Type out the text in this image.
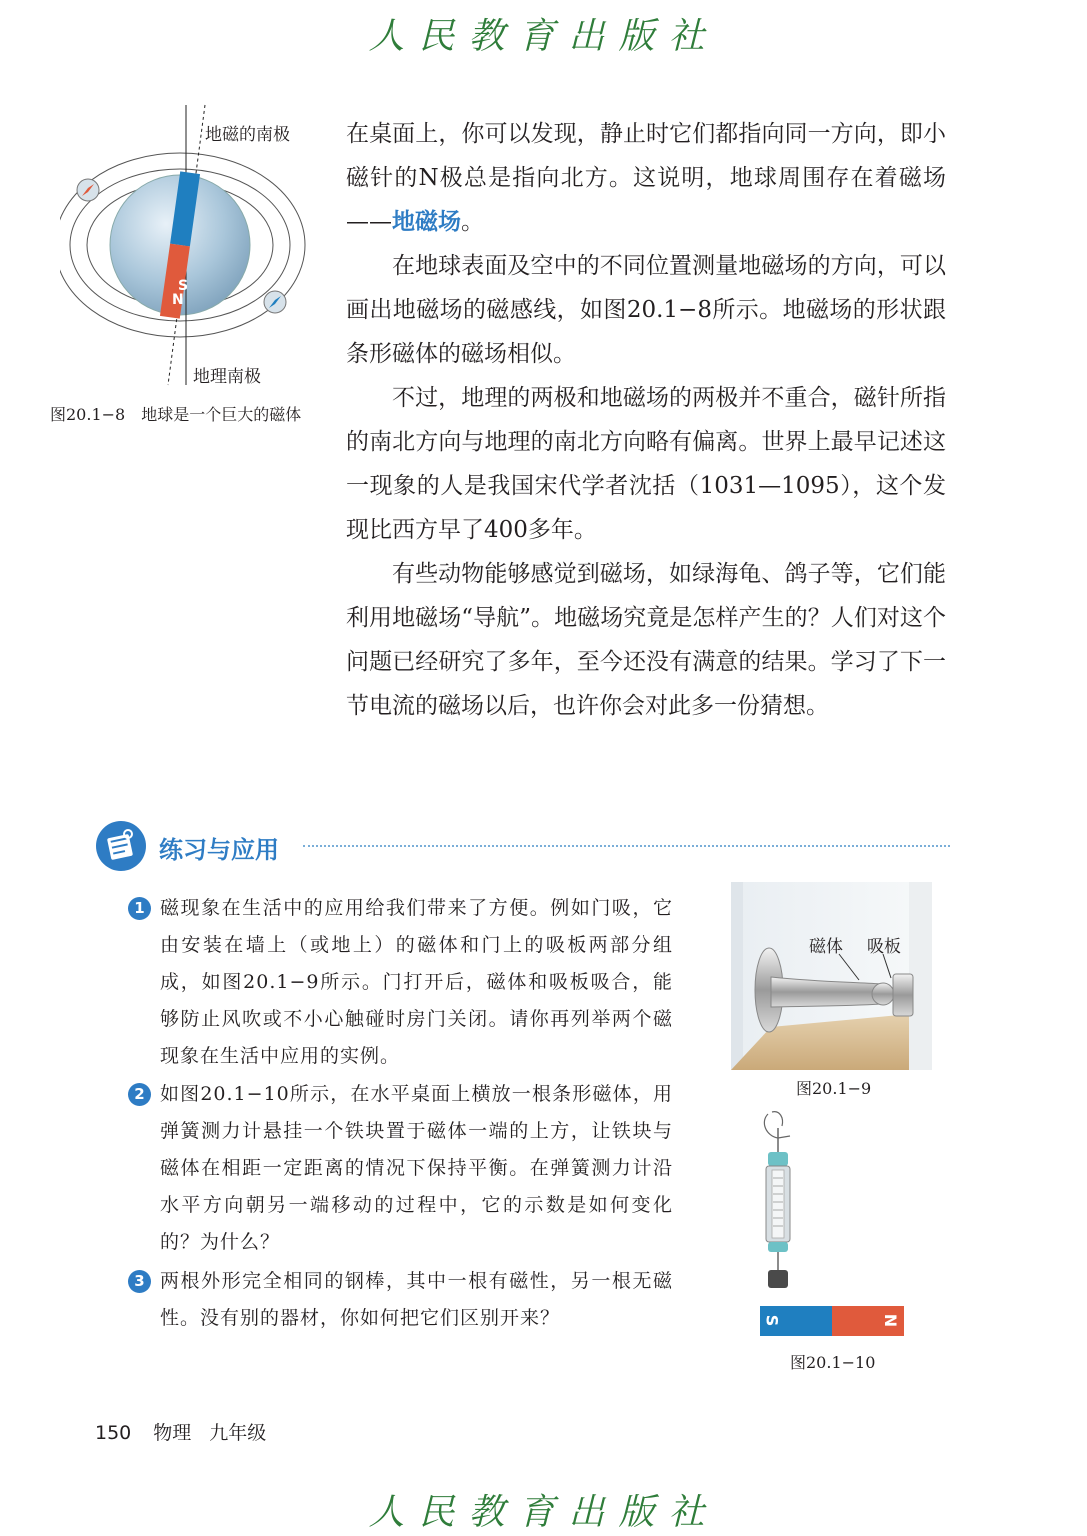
人民教育出版社
S
N
地磁的南极
地理南极
图20.1−8　地球是一个巨大的磁体

在桌面上，你可以发现，静止时它们都指向同一方向，即小磁针的N极总是指向北方。这说明，地球周围存在着磁场——地磁场。

在地球表面及空中的不同位置测量地磁场的方向，可以画出地磁场的磁感线，如图20.1−8所示。地磁场的形状跟条形磁体的磁场相似。

不过，地理的两极和地磁场的两极并不重合，磁针所指的南北方向与地理的南北方向略有偏离。世界上最早记述这一现象的人是我国宋代学者沈括（1031—1095），这个发现比西方早了400多年。

有些动物能够感觉到磁场，如绿海龟、鸽子等，它们能利用地磁场“导航”。地磁场究竟是怎样产生的？人们对这个问题已经研究了多年，至今还没有满意的结果。学习了下一节电流的磁场以后，也许你会对此多一份猜想。

练习与应用
1 磁现象在生活中的应用给我们带来了方便。例如门吸，它由安装在墙上（或地上）的磁体和门上的吸板两部分组成，如图20.1−9所示。门打开后，磁体和吸板吸合，能够防止风吹或不小心触碰时房门关闭。请你再列举两个磁现象在生活中应用的实例。
2 如图20.1−10所示，在水平桌面上横放一根条形磁体，用弹簧测力计悬挂一个铁块置于磁体一端的上方，让铁块与磁体在相距一定距离的情况下保持平衡。在弹簧测力计沿水平方向朝另一端移动的过程中，它的示数是如何变化的？为什么？
3 两根外形完全相同的钢棒，其中一根有磁性，另一根无磁性。没有别的器材，你如何把它们区别开来？
磁体 吸板
图20.1−9
S	N
图20.1−10
150 物理 九年级
人民教育出版社
